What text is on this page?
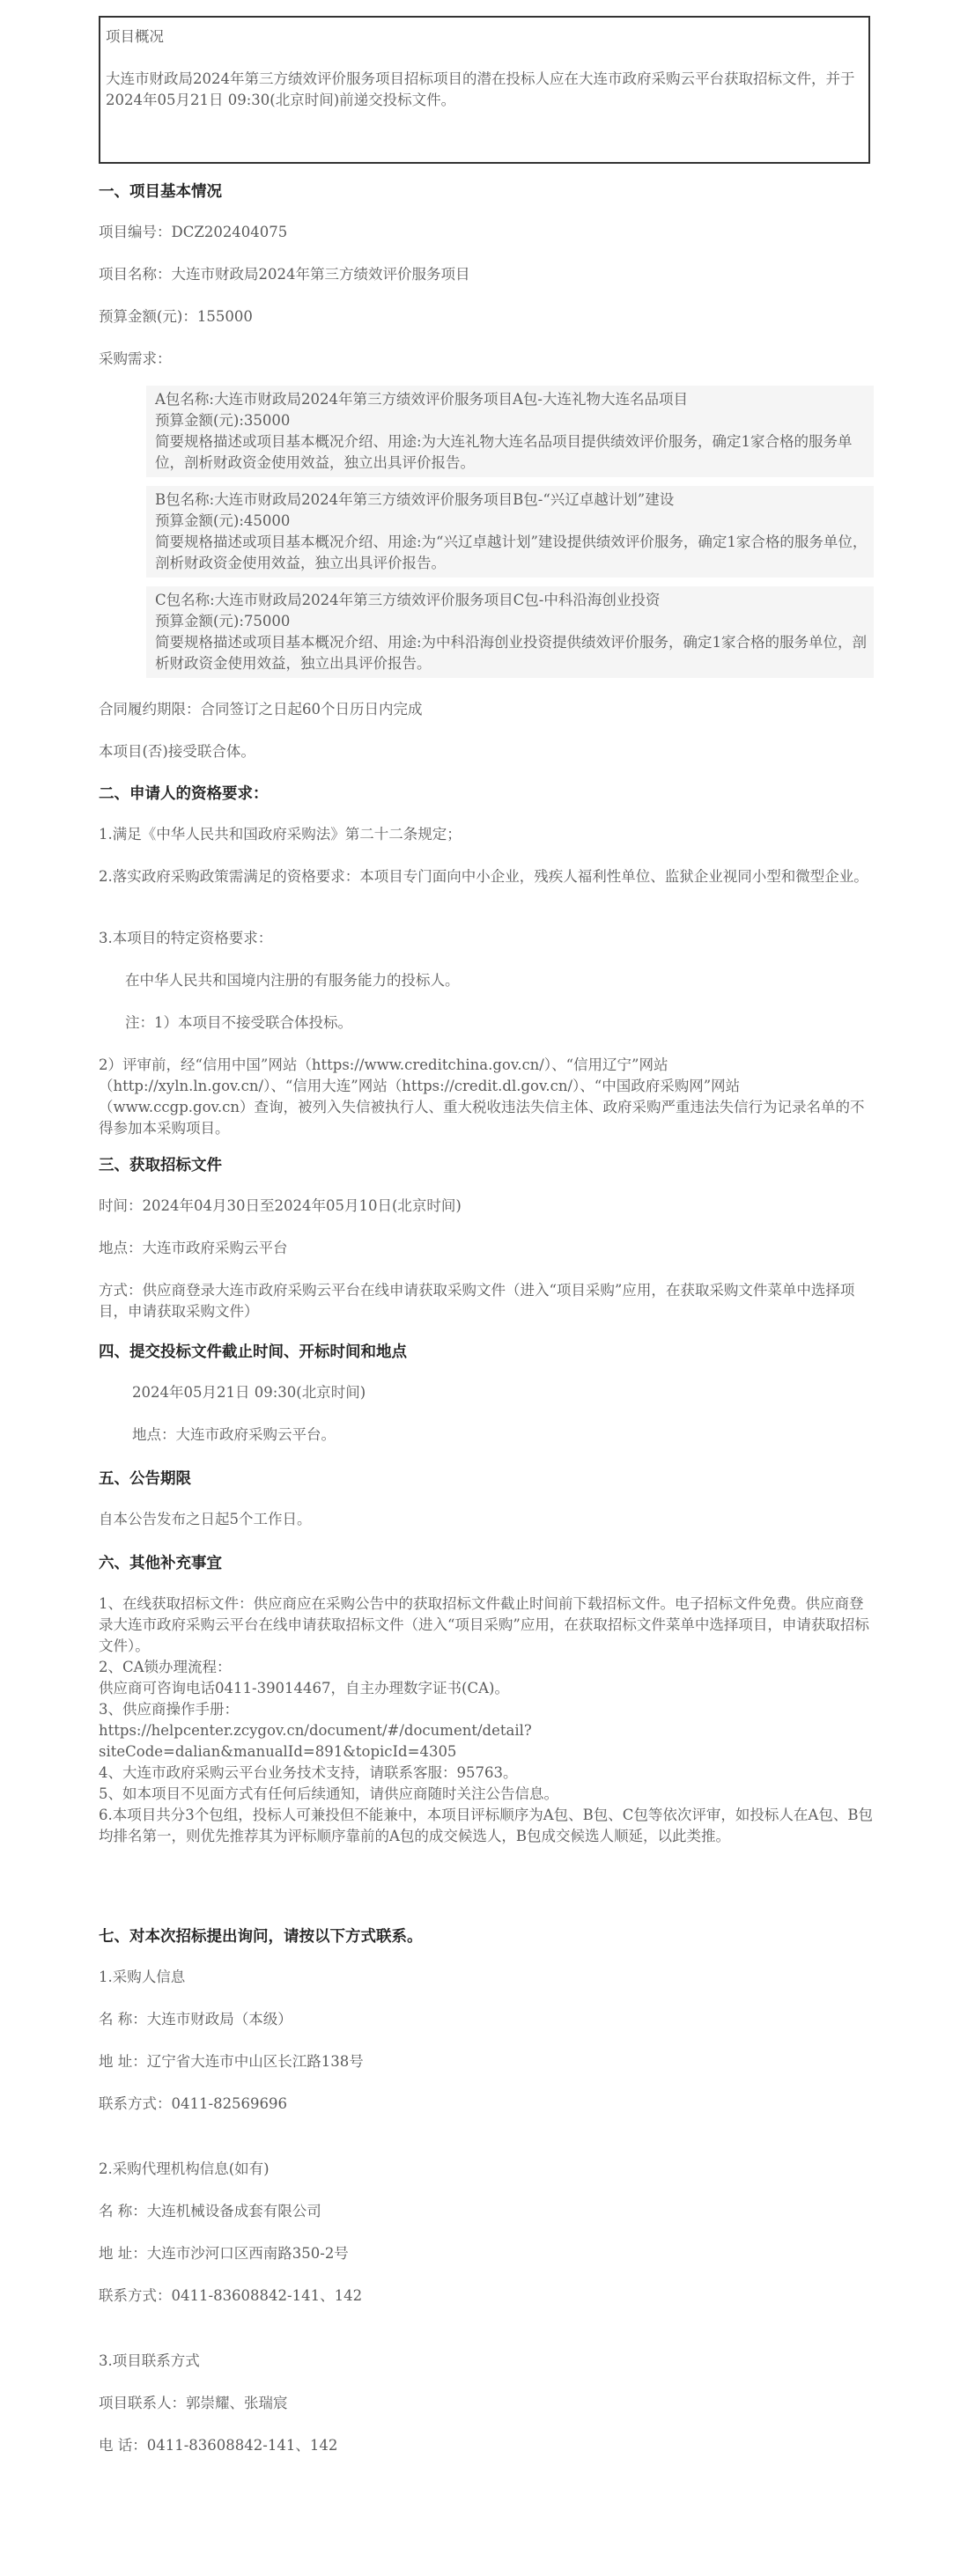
项目概况

大连市财政局2024年第三方绩效评价服务项目招标项目的潜在投标人应在大连市政府采购云平台获取招标文件，并于2024年05月21日 09:30(北京时间)前递交投标文件。

一、项目基本情况

项目编号：DCZ202404075

项目名称：大连市财政局2024年第三方绩效评价服务项目

预算金额(元)：155000

采购需求：

A包名称:大连市财政局2024年第三方绩效评价服务项目A包-大连礼物大连名品项目

预算金额(元):35000

简要规格描述或项目基本概况介绍、用途:为大连礼物大连名品项目提供绩效评价服务，确定1家合格的服务单位，剖析财政资金使用效益，独立出具评价报告。

B包名称:大连市财政局2024年第三方绩效评价服务项目B包-“兴辽卓越计划”建设

预算金额(元):45000

简要规格描述或项目基本概况介绍、用途:为“兴辽卓越计划”建设提供绩效评价服务，确定1家合格的服务单位，剖析财政资金使用效益，独立出具评价报告。

C包名称:大连市财政局2024年第三方绩效评价服务项目C包-中科沿海创业投资

预算金额(元):75000

简要规格描述或项目基本概况介绍、用途:为中科沿海创业投资提供绩效评价服务，确定1家合格的服务单位，剖析财政资金使用效益，独立出具评价报告。

合同履约期限：合同签订之日起60个日历日内完成

本项目(否)接受联合体。

二、申请人的资格要求：

1.满足《中华人民共和国政府采购法》第二十二条规定；

2.落实政府采购政策需满足的资格要求：本项目专门面向中小企业，残疾人福利性单位、监狱企业视同小型和微型企业。

3.本项目的特定资格要求：

在中华人民共和国境内注册的有服务能力的投标人。

注：1）本项目不接受联合体投标。

2）评审前，经“信用中国”网站（https://www.creditchina.gov.cn/）、“信用辽宁”网站（http://xyln.ln.gov.cn/）、“信用大连”网站（https://credit.dl.gov.cn/）、“中国政府采购网”网站（www.ccgp.gov.cn）查询，被列入失信被执行人、重大税收违法失信主体、政府采购严重违法失信行为记录名单的不得参加本采购项目。

三、获取招标文件

时间：2024年04月30日至2024年05月10日(北京时间)

地点：大连市政府采购云平台

方式：供应商登录大连市政府采购云平台在线申请获取采购文件（进入“项目采购”应用，在获取采购文件菜单中选择项目，申请获取采购文件）

四、提交投标文件截止时间、开标时间和地点

2024年05月21日 09:30(北京时间)

地点：大连市政府采购云平台。

五、公告期限

自本公告发布之日起5个工作日。

六、其他补充事宜

1、在线获取招标文件：供应商应在采购公告中的获取招标文件截止时间前下载招标文件。电子招标文件免费。供应商登录大连市政府采购云平台在线申请获取招标文件（进入“项目采购”应用，在获取招标文件菜单中选择项目，申请获取招标文件）。
2、CA锁办理流程：
供应商可咨询电话0411-39014467，自主办理数字证书(CA)。
3、供应商操作手册：
https://helpcenter.zcygov.cn/document/#/document/detail?siteCode=dalian&manualId=891&topicId=4305
4、大连市政府采购云平台业务技术支持，请联系客服：95763。
5、如本项目不见面方式有任何后续通知，请供应商随时关注公告信息。
6.本项目共分3个包组，投标人可兼投但不能兼中，本项目评标顺序为A包、B包、C包等依次评审，如投标人在A包、B包均排名第一，则优先推荐其为评标顺序靠前的A包的成交候选人，B包成交候选人顺延，以此类推。

七、对本次招标提出询问，请按以下方式联系。

1.采购人信息

名 称：大连市财政局（本级）

地 址：辽宁省大连市中山区长江路138号

联系方式：0411-82569696

2.采购代理机构信息(如有)

名 称：大连机械设备成套有限公司

地 址：大连市沙河口区西南路350-2号

联系方式：0411-83608842-141、142

3.项目联系方式

项目联系人：郭崇耀、张瑞宸

电 话：0411-83608842-141、142
